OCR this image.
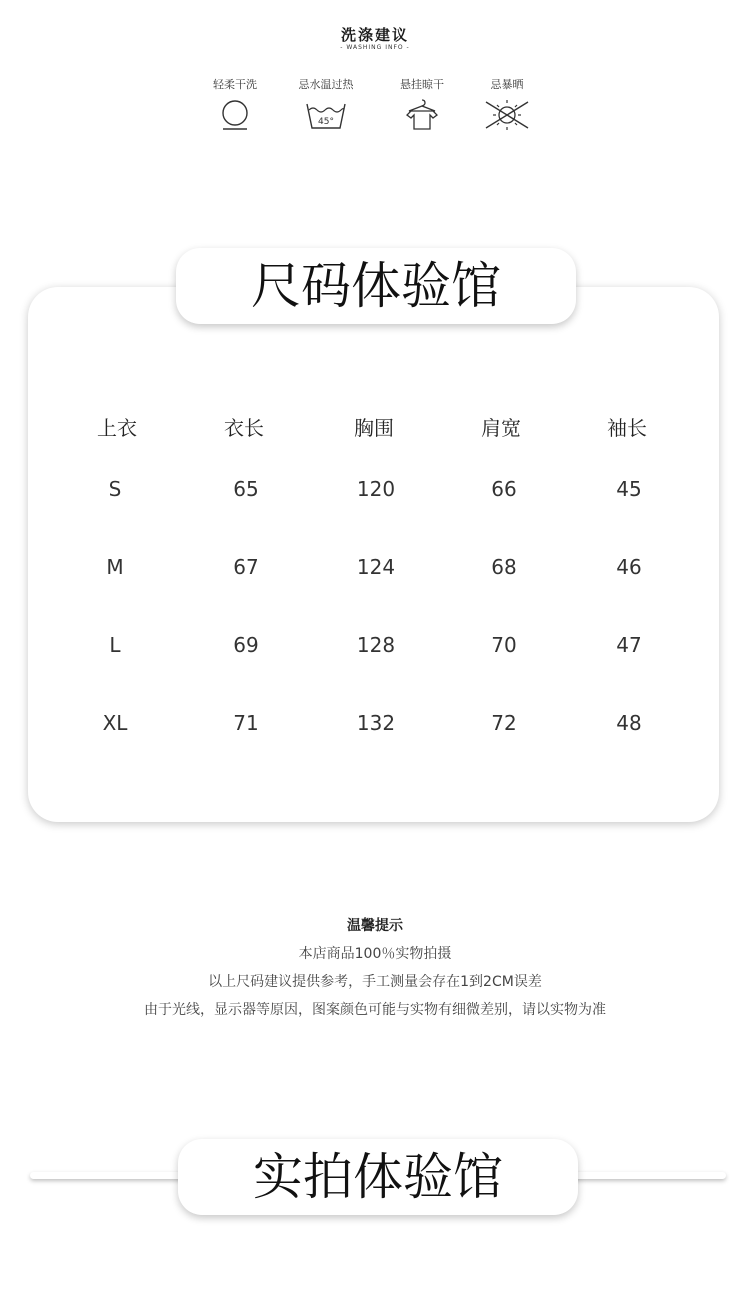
洗涤建议
- WASHING INFO -
轻柔干洗	忌水温过热
45°
悬挂晾干	忌暴晒
尺码体验馆
上衣	衣长	胸围	肩宽	袖长
S	65	120	66	45
M	67	124	68	46
L	69	128	70	47
XL	71	132	72	48
温馨提示
本店商品100％实物拍摄
以上尺码建议提供参考，手工测量会存在1到2CM误差
由于光线，显示器等原因，图案颜色可能与实物有细微差别，请以实物为准
实拍体验馆
